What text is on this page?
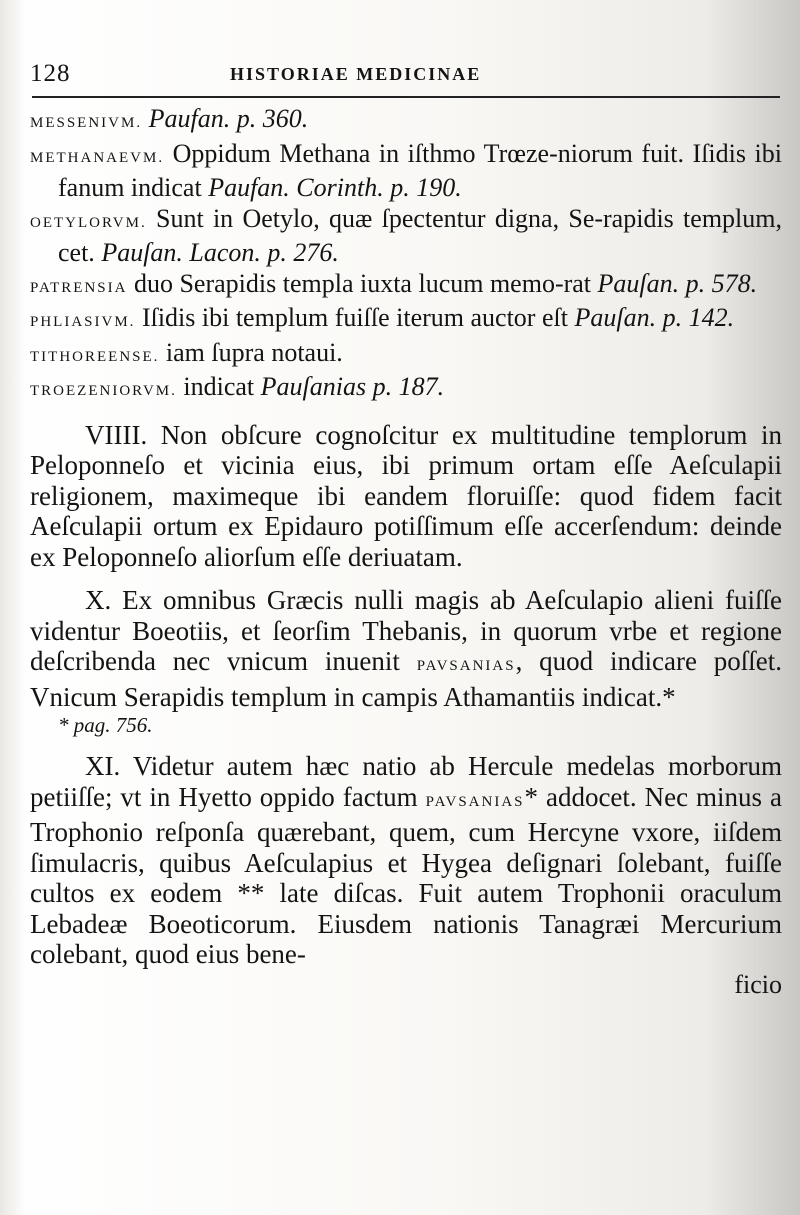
128	HISTORIAE MEDICINAE

MESSENIVM. Paufan. p. 360.

METHANAEVM. Oppidum Methana in iſthmo Trœze-niorum fuit. Iſidis ibi fanum indicat Paufan. Corinth. p. 190.

OETYLORVM. Sunt in Oetylo, quæ ſpectentur digna, Se-rapidis templum, cet. Pauſan. Lacon. p. 276.

PATRENSIA duo Serapidis templa iuxta lucum memo-rat Pauſan. p. 578.

PHLIASIVM. Iſidis ibi templum fuiſſe iterum auctor eſt Pauſan. p. 142.

TITHOREENSE. iam ſupra notaui.

TROEZENIORVM. indicat Pauſanias p. 187.

VIIII. Non obſcure cognoſcitur ex multitudine templorum in Peloponneſo et vicinia eius, ibi primum ortam eſſe Aeſculapii religionem, maximeque ibi eandem floruiſſe: quod fidem facit Aeſculapii ortum ex Epidauro potiſſimum eſſe accerſendum: deinde ex Peloponneſo aliorſum eſſe deriuatam.

X. Ex omnibus Græcis nulli magis ab Aeſculapio alieni fuiſſe videntur Boeotiis, et ſeorſim Thebanis, in quorum vrbe et regione deſcribenda nec vnicum inuenit PAVSANIAS, quod indicare poſſet. Vnicum Serapidis templum in campis Athamantiis indicat.*

* pag. 756.

XI. Videtur autem hæc natio ab Hercule medelas morborum petiiſſe; vt in Hyetto oppido factum PAVSANIAS* addocet. Nec minus a Trophonio reſponſa quærebant, quem, cum Hercyne vxore, iiſdem ſimulacris, quibus Aeſculapius et Hygea deſignari ſolebant, fuiſſe cultos ex eodem ** late diſcas. Fuit autem Trophonii oraculum Lebadeæ Boeoticorum. Eiusdem nationis Tanagræi Mercurium colebant, quod eius bene-

ficio
